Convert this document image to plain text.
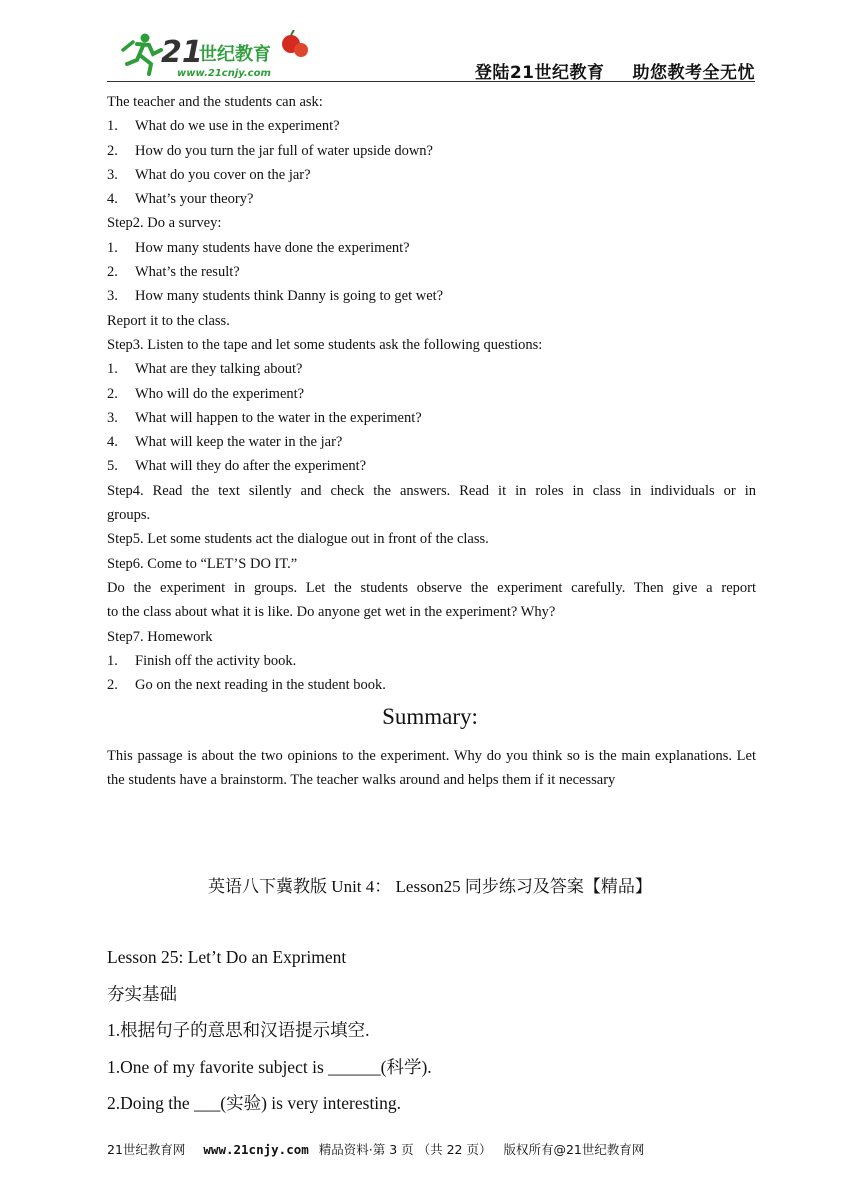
21
世纪教育
www.21cnjy.com	登陆21世纪教育 助您教考全无忧
The teacher and the students can ask:
1. What do we use in the experiment?
2. How do you turn the jar full of water upside down?
3. What do you cover on the jar?
4. What’s your theory?
Step2. Do a survey:
1. How many students have done the experiment?
2. What’s the result?
3. How many students think Danny is going to get wet?
Report it to the class.
Step3. Listen to the tape and let some students ask the following questions:
1. What are they talking about?
2. Who will do the experiment?
3. What will happen to the water in the experiment?
4. What will keep the water in the jar?
5. What will they do after the experiment?
Step4. Read the text silently and check the answers. Read it in roles in class in individuals or in
groups.
Step5. Let some students act the dialogue out in front of the class.
Step6. Come to “LET’S DO IT.”
Do the experiment in groups. Let the students observe the experiment carefully. Then give a report
to the class about what it is like. Do anyone get wet in the experiment? Why?
Step7. Homework
1. Finish off the activity book.
2. Go on the next reading in the student book.
Summary:
This passage is about the two opinions to the experiment. Why do you think so is the main explanations. Let the students have a brainstorm. The teacher walks around and helps them if it necessary
英语八下冀教版 Unit 4： Lesson25 同步练习及答案【精品】
Lesson 25: Let’t Do an Expriment
夯实基础
1.根据句子的意思和汉语提示填空.
1.One of my favorite subject is ______(科学).
2.Doing the ___(实验) is very interesting.
21世纪教育网 www.21cnjy.com 精品资料·第 3 页 （共 22 页） 版权所有@21世纪教育网
